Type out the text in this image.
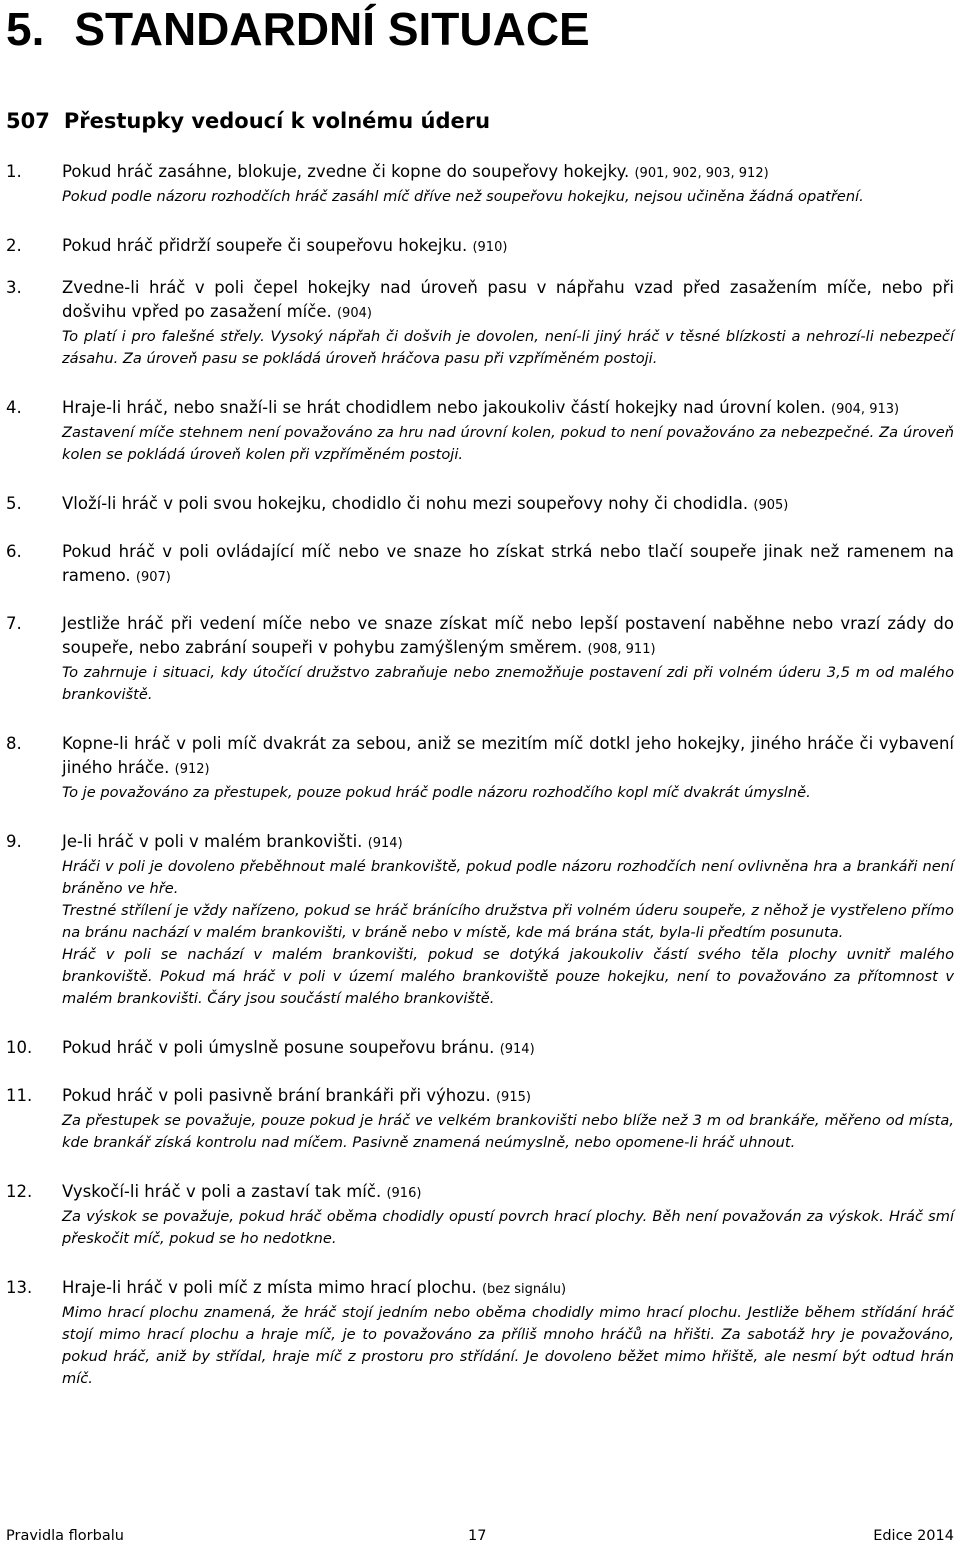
5. STANDARDNÍ SITUACE
507 Přestupky vedoucí k volnému úderu
1. Pokud hráč zasáhne, blokuje, zvedne či kopne do soupeřovy hokejky. (901, 902, 903, 912)

Pokud podle názoru rozhodčích hráč zasáhl míč dříve než soupeřovu hokejku, nejsou učiněna žádná opatření.

2. Pokud hráč přidrží soupeře či soupeřovu hokejku. (910)

3. Zvedne-li hráč v poli čepel hokejky nad úroveň pasu v nápřahu vzad před zasažením míče, nebo při došvihu vpřed po zasažení míče. (904)

To platí i pro falešné střely. Vysoký nápřah či došvih je dovolen, není-li jiný hráč v těsné blízkosti a nehrozí-li nebezpečí zásahu. Za úroveň pasu se pokládá úroveň hráčova pasu při vzpříměném postoji.

4. Hraje-li hráč, nebo snaží-li se hrát chodidlem nebo jakoukoliv částí hokejky nad úrovní kolen. (904, 913)

Zastavení míče stehnem není považováno za hru nad úrovní kolen, pokud to není považováno za nebezpečné. Za úroveň kolen se pokládá úroveň kolen při vzpříměném postoji.

5. Vloží-li hráč v poli svou hokejku, chodidlo či nohu mezi soupeřovy nohy či chodidla. (905)

6. Pokud hráč v poli ovládající míč nebo ve snaze ho získat strká nebo tlačí soupeře jinak než ramenem na rameno. (907)

7. Jestliže hráč při vedení míče nebo ve snaze získat míč nebo lepší postavení naběhne nebo vrazí zády do soupeře, nebo zabrání soupeři v pohybu zamýšleným směrem. (908, 911)

To zahrnuje i situaci, kdy útočící družstvo zabraňuje nebo znemožňuje postavení zdi při volném úderu 3,5 m od malého brankoviště.

8. Kopne-li hráč v poli míč dvakrát za sebou, aniž se mezitím míč dotkl jeho hokejky, jiného hráče či vybavení jiného hráče. (912)

To je považováno za přestupek, pouze pokud hráč podle názoru rozhodčího kopl míč dvakrát úmyslně.

9. Je-li hráč v poli v malém brankovišti. (914)

Hráči v poli je dovoleno přeběhnout malé brankoviště, pokud podle názoru rozhodčích není ovlivněna hra a brankáři není bráněno ve hře.

Trestné střílení je vždy nařízeno, pokud se hráč bránícího družstva při volném úderu soupeře, z něhož je vystřeleno přímo na bránu nachází v malém brankovišti, v bráně nebo v místě, kde má brána stát, byla-li předtím posunuta.

Hráč v poli se nachází v malém brankovišti, pokud se dotýká jakoukoliv částí svého těla plochy uvnitř malého brankoviště. Pokud má hráč v poli v území malého brankoviště pouze hokejku, není to považováno za přítomnost v malém brankovišti. Čáry jsou součástí malého brankoviště.

10. Pokud hráč v poli úmyslně posune soupeřovu bránu. (914)

11. Pokud hráč v poli pasivně brání brankáři při výhozu. (915)

Za přestupek se považuje, pouze pokud je hráč ve velkém brankovišti nebo blíže než 3 m od brankáře, měřeno od místa, kde brankář získá kontrolu nad míčem. Pasivně znamená neúmyslně, nebo opomene-li hráč uhnout.

12. Vyskočí-li hráč v poli a zastaví tak míč. (916)

Za výskok se považuje, pokud hráč oběma chodidly opustí povrch hrací plochy. Běh není považován za výskok. Hráč smí přeskočit míč, pokud se ho nedotkne.

13. Hraje-li hráč v poli míč z místa mimo hrací plochu. (bez signálu)

Mimo hrací plochu znamená, že hráč stojí jedním nebo oběma chodidly mimo hrací plochu. Jestliže během střídání hráč stojí mimo hrací plochu a hraje míč, je to považováno za příliš mnoho hráčů na hřišti. Za sabotáž hry je považováno, pokud hráč, aniž by střídal, hraje míč z prostoru pro střídání. Je dovoleno běžet mimo hřiště, ale nesmí být odtud hrán míč.

Pravidla florbalu	17	Edice 2014
